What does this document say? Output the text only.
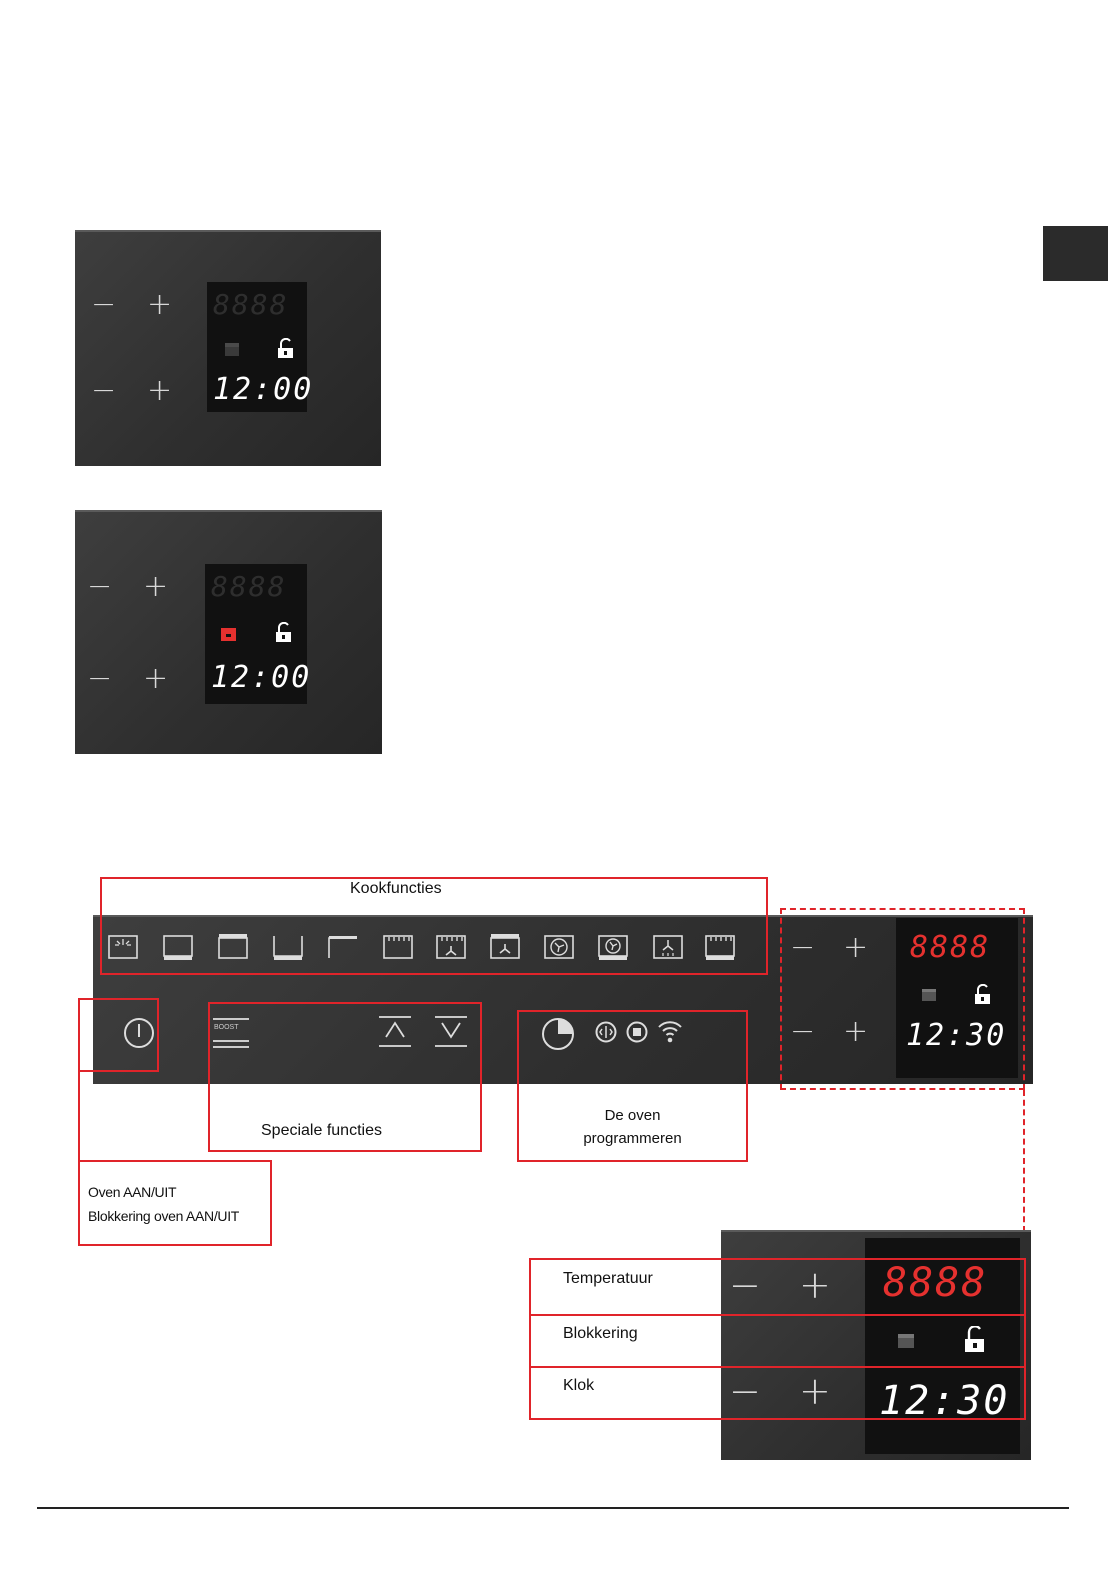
− +
− +
8888
12:00
− +
− +
8888
12:00
BOOST
− +
− +
8888
12:30
Kookfuncties
Oven AAN/UIT
Blokkering oven AAN/UIT
Speciale functies
De oven
programmeren
− +
− +
8888
12:30
Temperatuur
Blokkering
Klok
